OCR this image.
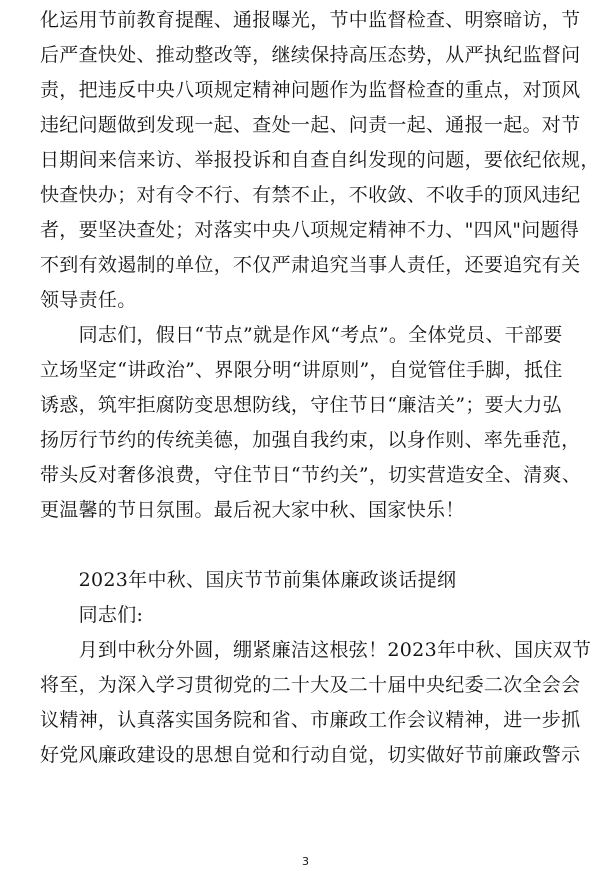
化运用节前教育提醒、通报曝光，节中监督检查、明察暗访，节
后严查快处、推动整改等，继续保持高压态势，从严执纪监督问
责，把违反中央八项规定精神问题作为监督检查的重点，对顶风
违纪问题做到发现一起、查处一起、问责一起、通报一起。对节
日期间来信来访、举报投诉和自查自纠发现的问题，要依纪依规，
快查快办；对有令不行、有禁不止，不收敛、不收手的顶风违纪
者，要坚决查处；对落实中央八项规定精神不力、"四风"问题得
不到有效遏制的单位，不仅严肃追究当事人责任，还要追究有关
领导责任。
　　同志们，假日“节点”就是作风“考点”。全体党员、干部要
立场坚定“讲政治”、界限分明“讲原则”，自觉管住手脚，抵住
诱惑，筑牢拒腐防变思想防线，守住节日“廉洁关”；要大力弘
扬厉行节约的传统美德，加强自我约束，以身作则、率先垂范，
带头反对奢侈浪费，守住节日“节约关”，切实营造安全、清爽、
更温馨的节日氛围。最后祝大家中秋、国家快乐！
　　2023年中秋、国庆节节前集体廉政谈话提纲
　　同志们:
　　月到中秋分外圆，绷紧廉洁这根弦！2023年中秋、国庆双节
将至，为深入学习贯彻党的二十大及二十届中央纪委二次全会会
议精神，认真落实国务院和省、市廉政工作会议精神，进一步抓
好党风廉政建设的思想自觉和行动自觉，切实做好节前廉政警示
3
